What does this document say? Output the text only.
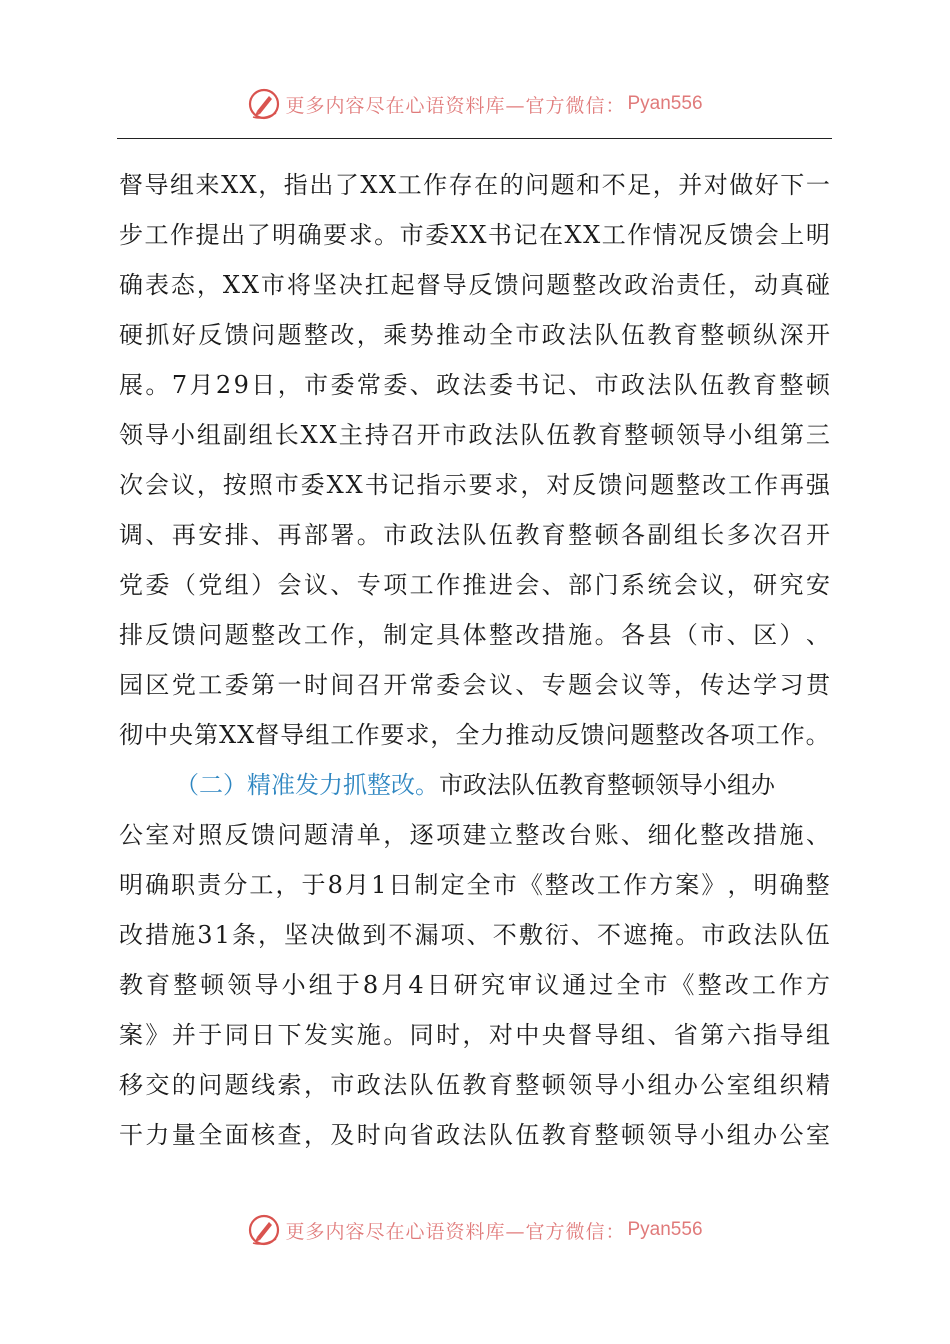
更多内容尽在心语资料库—官方微信： Pyan556
督 导 组 来 X X ， 指 出 了 X X 工 作 存 在 的 问 题 和 不 足 ， 并 对 做 好 下 一
步 工 作 提 出 了 明 确 要 求 。 市 委 X X 书 记 在 X X 工 作 情 况 反 馈 会 上 明
确 表 态 ， X X 市 将 坚 决 扛 起 督 导 反 馈 问 题 整 改 政 治 责 任 ， 动 真 碰
硬 抓 好 反 馈 问 题 整 改 ， 乘 势 推 动 全 市 政 法 队 伍 教 育 整 顿 纵 深 开
展 。 7 月 2 9 日 ， 市 委 常 委 、 政 法 委 书 记 、 市 政 法 队 伍 教 育 整 顿
领 导 小 组 副 组 长 X X 主 持 召 开 市 政 法 队 伍 教 育 整 顿 领 导 小 组 第 三
次 会 议 ， 按 照 市 委 X X 书 记 指 示 要 求 ， 对 反 馈 问 题 整 改 工 作 再 强
调 、 再 安 排 、 再 部 署 。 市 政 法 队 伍 教 育 整 顿 各 副 组 长 多 次 召 开
党 委 （ 党 组 ） 会 议 、 专 项 工 作 推 进 会 、 部 门 系 统 会 议 ， 研 究 安
排 反 馈 问 题 整 改 工 作 ， 制 定 具 体 整 改 措 施 。 各 县 （ 市 、 区 ） 、
园 区 党 工 委 第 一 时 间 召 开 常 委 会 议 、 专 题 会 议 等 ， 传 达 学 习 贯
彻 中 央 第 X X 督 导 组 工 作 要 求 ， 全 力 推 动 反 馈 问 题 整 改 各 项 工 作 。
（二）精准发力抓整改。 市政法队伍教育整顿领导小组办
公 室 对 照 反 馈 问 题 清 单 ， 逐 项 建 立 整 改 台 账 、 细 化 整 改 措 施 、
明 确 职 责 分 工 ， 于 8 月 1 日 制 定 全 市 《 整 改 工 作 方 案 》 ， 明 确 整
改 措 施 3 1 条 ， 坚 决 做 到 不 漏 项 、 不 敷 衍 、 不 遮 掩 。 市 政 法 队 伍
教 育 整 顿 领 导 小 组 于 8 月 4 日 研 究 审 议 通 过 全 市 《 整 改 工 作 方
案 》 并 于 同 日 下 发 实 施 。 同 时 ， 对 中 央 督 导 组 、 省 第 六 指 导 组
移 交 的 问 题 线 索 ， 市 政 法 队 伍 教 育 整 顿 领 导 小 组 办 公 室 组 织 精
干 力 量 全 面 核 查 ， 及 时 向 省 政 法 队 伍 教 育 整 顿 领 导 小 组 办 公 室
更多内容尽在心语资料库—官方微信： Pyan556
